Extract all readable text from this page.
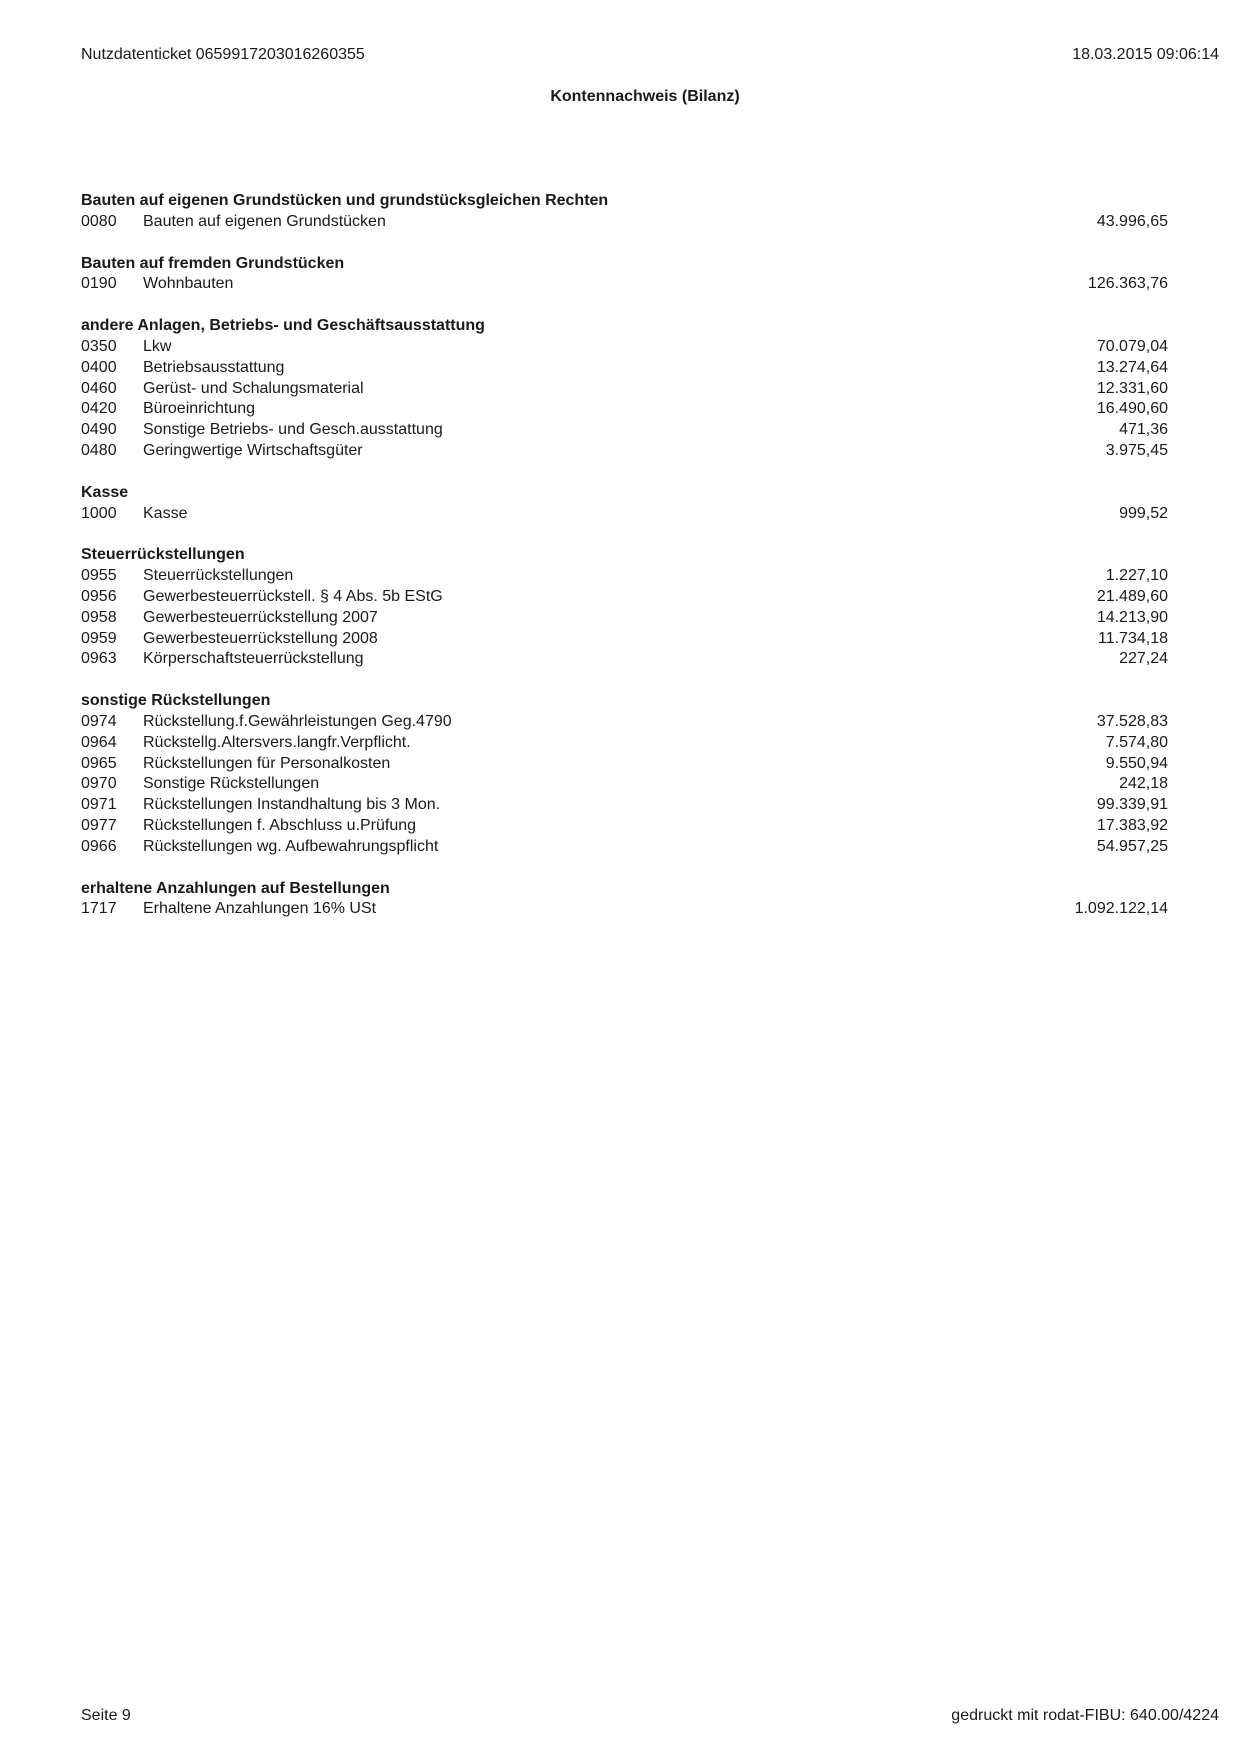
Nutzdatenticket 0659917203016260355	18.03.2015 09:06:14
Kontennachweis (Bilanz)
Bauten auf eigenen Grundstücken und grundstücksgleichen Rechten
0080	Bauten auf eigenen Grundstücken	43.996,65
Bauten auf fremden Grundstücken
0190	Wohnbauten	126.363,76
andere Anlagen, Betriebs- und Geschäftsausstattung
0350	Lkw	70.079,04
0400	Betriebsausstattung	13.274,64
0460	Gerüst- und Schalungsmaterial	12.331,60
0420	Büroeinrichtung	16.490,60
0490	Sonstige Betriebs- und Gesch.ausstattung	471,36
0480	Geringwertige Wirtschaftsgüter	3.975,45
Kasse
1000	Kasse	999,52
Steuerrückstellungen
0955	Steuerrückstellungen	1.227,10
0956	Gewerbesteuerrückstell. § 4 Abs. 5b EStG	21.489,60
0958	Gewerbesteuerrückstellung 2007	14.213,90
0959	Gewerbesteuerrückstellung 2008	11.734,18
0963	Körperschaftsteuerrückstellung	227,24
sonstige Rückstellungen
0974	Rückstellung.f.Gewährleistungen Geg.4790	37.528,83
0964	Rückstellg.Altersvers.langfr.Verpflicht.	7.574,80
0965	Rückstellungen für Personalkosten	9.550,94
0970	Sonstige Rückstellungen	242,18
0971	Rückstellungen Instandhaltung bis 3 Mon.	99.339,91
0977	Rückstellungen f. Abschluss u.Prüfung	17.383,92
0966	Rückstellungen wg. Aufbewahrungspflicht	54.957,25
erhaltene Anzahlungen auf Bestellungen
1717	Erhaltene Anzahlungen 16% USt	1.092.122,14
Seite 9	gedruckt mit rodat-FIBU: 640.00/4224
